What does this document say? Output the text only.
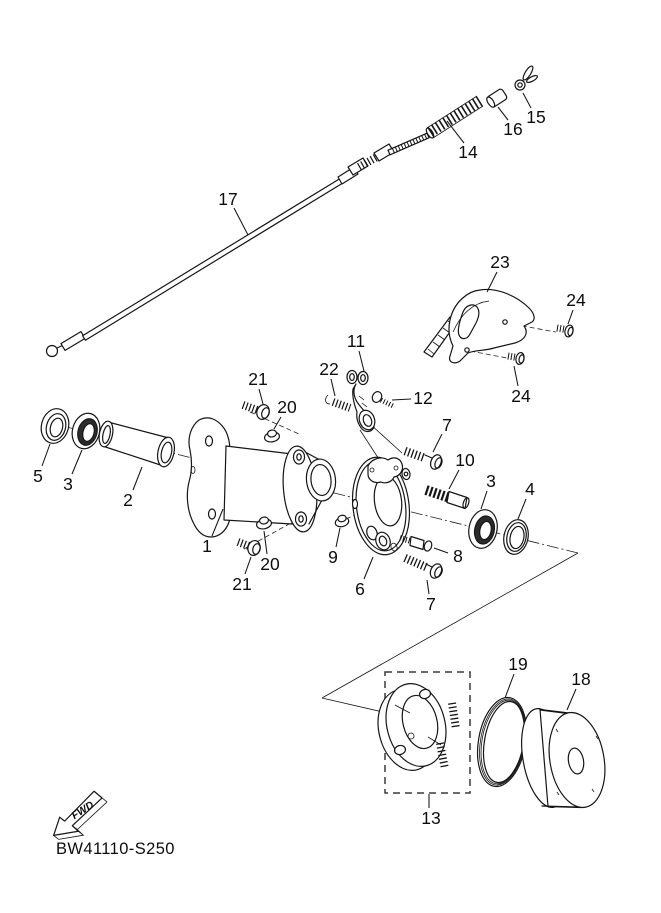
FWD
17
14
16
15
23
24
24
11
22
12
21
20
5 3
2
1
21
20	9
6
7
10
3 4
8
7
19
18
13
BW41110-S250
